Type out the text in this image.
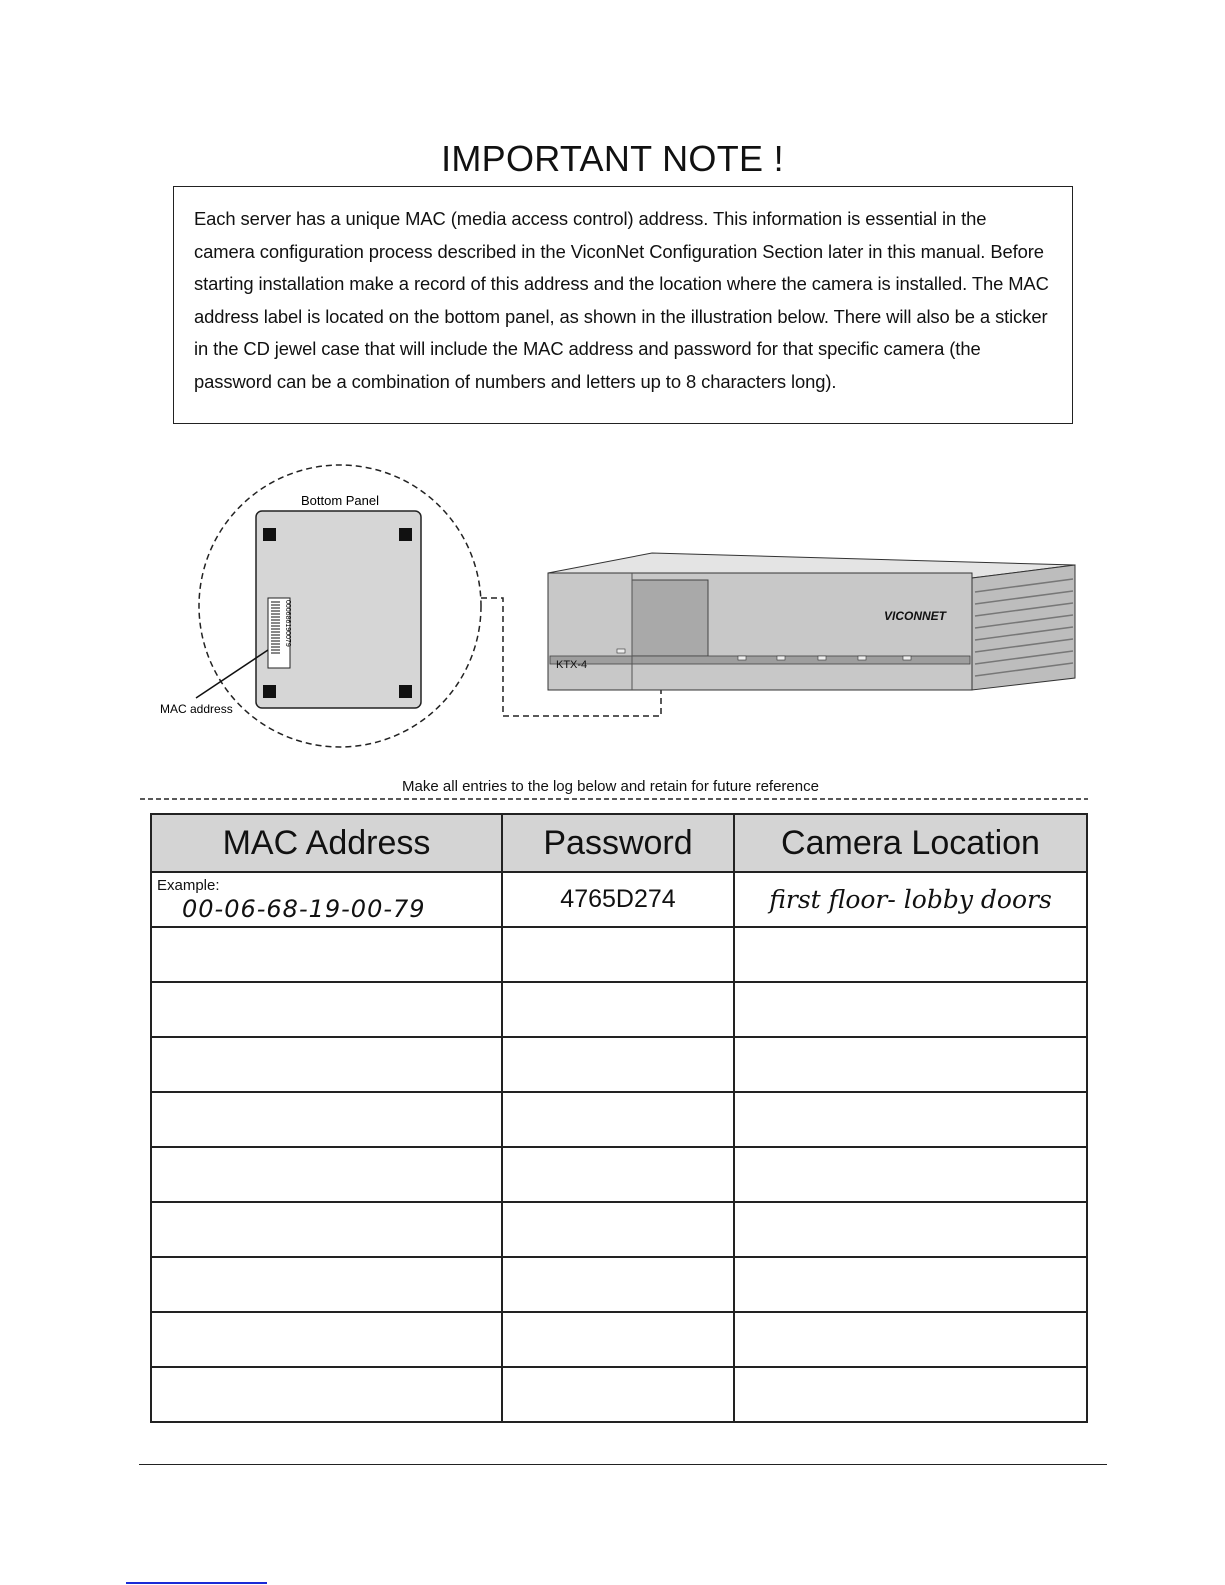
IMPORTANT NOTE !

Each server has a unique MAC (media access control) address. This information is essential in the camera configuration process described in the ViconNet Configuration Section later in this manual. Before starting installation make a record of this address and the location where the camera is installed. The MAC address label is located on the bottom panel, as shown in the illustration below. There will also be a sticker in the CD jewel case that will include the MAC address and password for that specific camera (the password can be a combination of numbers and letters up to 8 characters long).

000686190079
Bottom Panel
MAC address
KTX-4
VICONNET
Make all entries to the log below and retain for future reference
MAC Address	Password	Camera Location

Example:
00-06-68-19-00-79	4765D274	first floor- lobby doors
